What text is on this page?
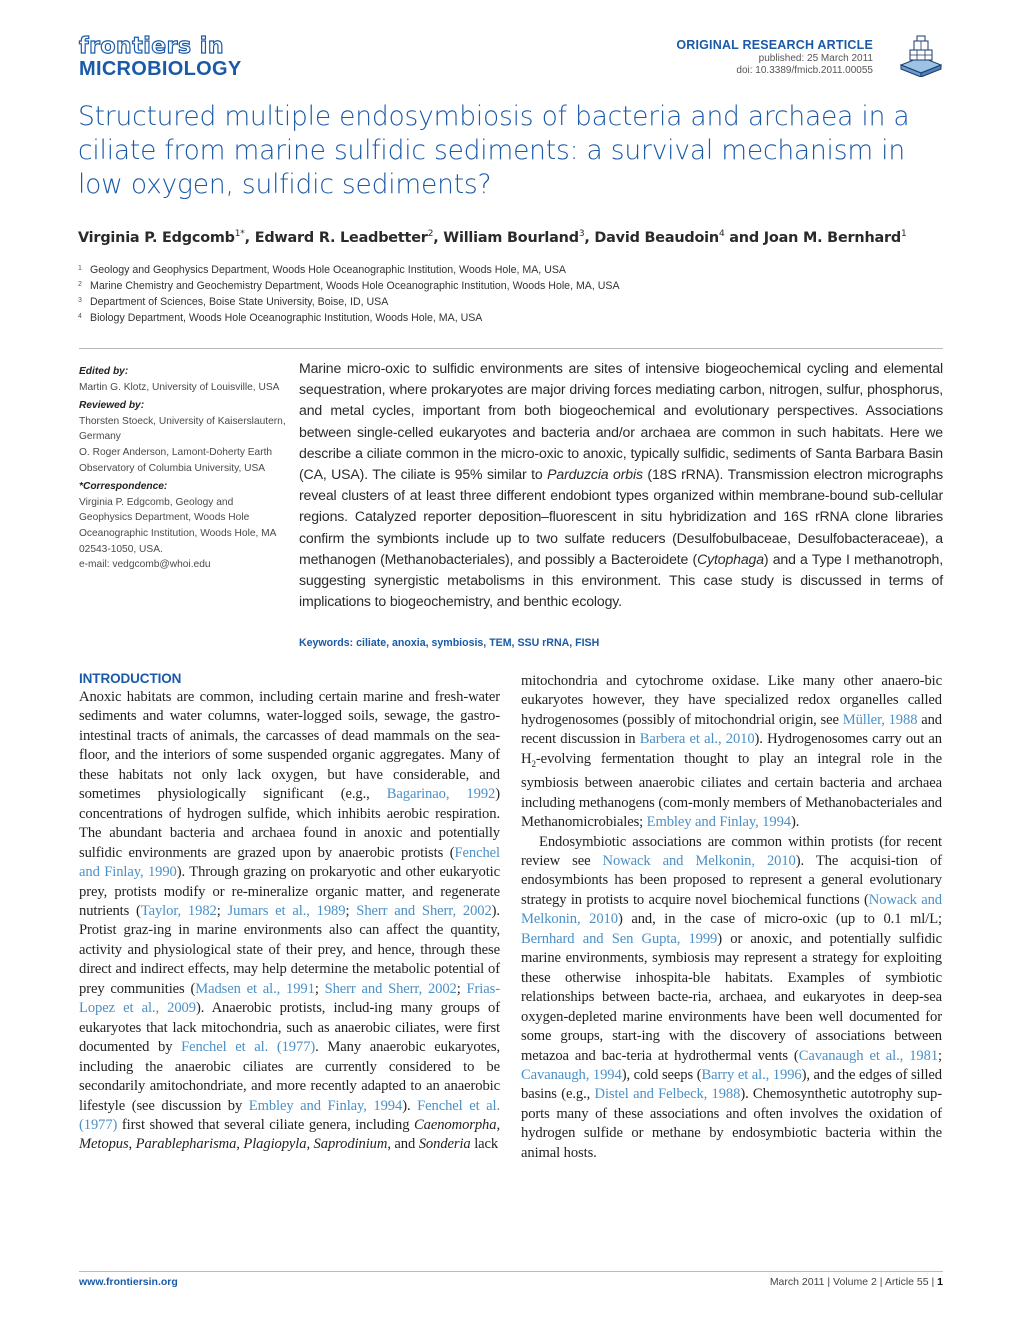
frontiers in
MICROBIOLOGY
ORIGINAL RESEARCH ARTICLE
published: 25 March 2011
doi: 10.3389/fmicb.2011.00055
Structured multiple endosymbiosis of bacteria and archaea in a ciliate from marine sulfidic sediments: a survival mechanism in low oxygen, sulfidic sediments?
Virginia P. Edgcomb$^{1*}$, Edward R. Leadbetter$^2$, William Bourland$^3$, David Beaudoin$^4$ and Joan M. Bernhard$^1$
1 Geology and Geophysics Department, Woods Hole Oceanographic Institution, Woods Hole, MA, USA
2 Marine Chemistry and Geochemistry Department, Woods Hole Oceanographic Institution, Woods Hole, MA, USA
3 Department of Sciences, Boise State University, Boise, ID, USA
4 Biology Department, Woods Hole Oceanographic Institution, Woods Hole, MA, USA
Edited by:
Martin G. Klotz, University of Louisville, USA
Reviewed by:
Thorsten Stoeck, University of Kaiserslautern, Germany
O. Roger Anderson, Lamont-Doherty Earth Observatory of Columbia University, USA
*Correspondence:
Virginia P. Edgcomb, Geology and Geophysics Department, Woods Hole Oceanographic Institution, Woods Hole, MA 02543-1050, USA.
e-mail: vedgcomb@whoi.edu
Marine micro-oxic to sulfidic environments are sites of intensive biogeochemical cycling and elemental sequestration, where prokaryotes are major driving forces mediating carbon, nitrogen, sulfur, phosphorus, and metal cycles, important from both biogeochemical and evolutionary perspectives. Associations between single-celled eukaryotes and bacteria and/or archaea are common in such habitats. Here we describe a ciliate common in the micro-oxic to anoxic, typically sulfidic, sediments of Santa Barbara Basin (CA, USA). The ciliate is 95% similar to Parduzcia orbis (18S rRNA). Transmission electron micrographs reveal clusters of at least three different endobiont types organized within membrane-bound sub-cellular regions. Catalyzed reporter deposition–fluorescent in situ hybridization and 16S rRNA clone libraries confirm the symbionts include up to two sulfate reducers (Desulfobulbaceae, Desulfobacteraceae), a methanogen (Methanobacteriales), and possibly a Bacteroidete (Cytophaga) and a Type I methanotroph, suggesting synergistic metabolisms in this environment. This case study is discussed in terms of implications to biogeochemistry, and benthic ecology.
Keywords: ciliate, anoxia, symbiosis, TEM, SSU rRNA, FISH
INTRODUCTION

Anoxic habitats are common, including certain marine and fresh-water sediments and water columns, water-logged soils, sewage, the gastro-intestinal tracts of animals, the carcasses of dead mammals on the sea-floor, and the interiors of some suspended organic aggregates. Many of these habitats not only lack oxygen, but have considerable, and sometimes physiologically significant (e.g., Bagarinao, 1992) concentrations of hydrogen sulfide, which inhibits aerobic respiration. The abundant bacteria and archaea found in anoxic and potentially sulfidic environments are grazed upon by anaerobic protists (Fenchel and Finlay, 1990). Through grazing on prokaryotic and other eukaryotic prey, protists modify or re-mineralize organic matter, and regenerate nutrients (Taylor, 1982; Jumars et al., 1989; Sherr and Sherr, 2002). Protist graz-ing in marine environments also can affect the quantity, activity and physiological state of their prey, and hence, through these direct and indirect effects, may help determine the metabolic potential of prey communities (Madsen et al., 1991; Sherr and Sherr, 2002; Frias-Lopez et al., 2009). Anaerobic protists, includ-ing many groups of eukaryotes that lack mitochondria, such as anaerobic ciliates, were first documented by Fenchel et al. (1977). Many anaerobic eukaryotes, including the anaerobic ciliates are currently considered to be secondarily amitochondriate, and more recently adapted to an anaerobic lifestyle (see discussion by Embley and Finlay, 1994). Fenchel et al. (1977) first showed that several ciliate genera, including Caenomorpha, Metopus, Parablepharisma, Plagiopyla, Saprodinium, and Sonderia lack

mitochondria and cytochrome oxidase. Like many other anaero-bic eukaryotes however, they have specialized redox organelles called hydrogenosomes (possibly of mitochondrial origin, see Müller, 1988 and recent discussion in Barbera et al., 2010). Hydrogenosomes carry out an $H_2$-evolving fermentation thought to play an integral role in the symbiosis between anaerobic ciliates and certain bacteria and archaea including methanogens (com-monly members of Methanobacteriales and Methanomicrobiales; Embley and Finlay, 1994).

Endosymbiotic associations are common within protists (for recent review see Nowack and Melkonin, 2010). The acquisi-tion of endosymbionts has been proposed to represent a general evolutionary strategy in protists to acquire novel biochemical functions (Nowack and Melkonin, 2010) and, in the case of micro-oxic (up to 0.1 ml/L; Bernhard and Sen Gupta, 1999) or anoxic, and potentially sulfidic marine environments, symbiosis may represent a strategy for exploiting these otherwise inhospita-ble habitats. Examples of symbiotic relationships between bacte-ria, archaea, and eukaryotes in deep-sea oxygen-depleted marine environments have been well documented for some groups, start-ing with the discovery of associations between metazoa and bac-teria at hydrothermal vents (Cavanaugh et al., 1981; Cavanaugh, 1994), cold seeps (Barry et al., 1996), and the edges of silled basins (e.g., Distel and Felbeck, 1988). Chemosynthetic autotrophy sup-ports many of these associations and often involves the oxidation of hydrogen sulfide or methane by endosymbiotic bacteria within the animal hosts.

www.frontiersin.org	March 2011 | Volume 2 | Article 55 | 1
